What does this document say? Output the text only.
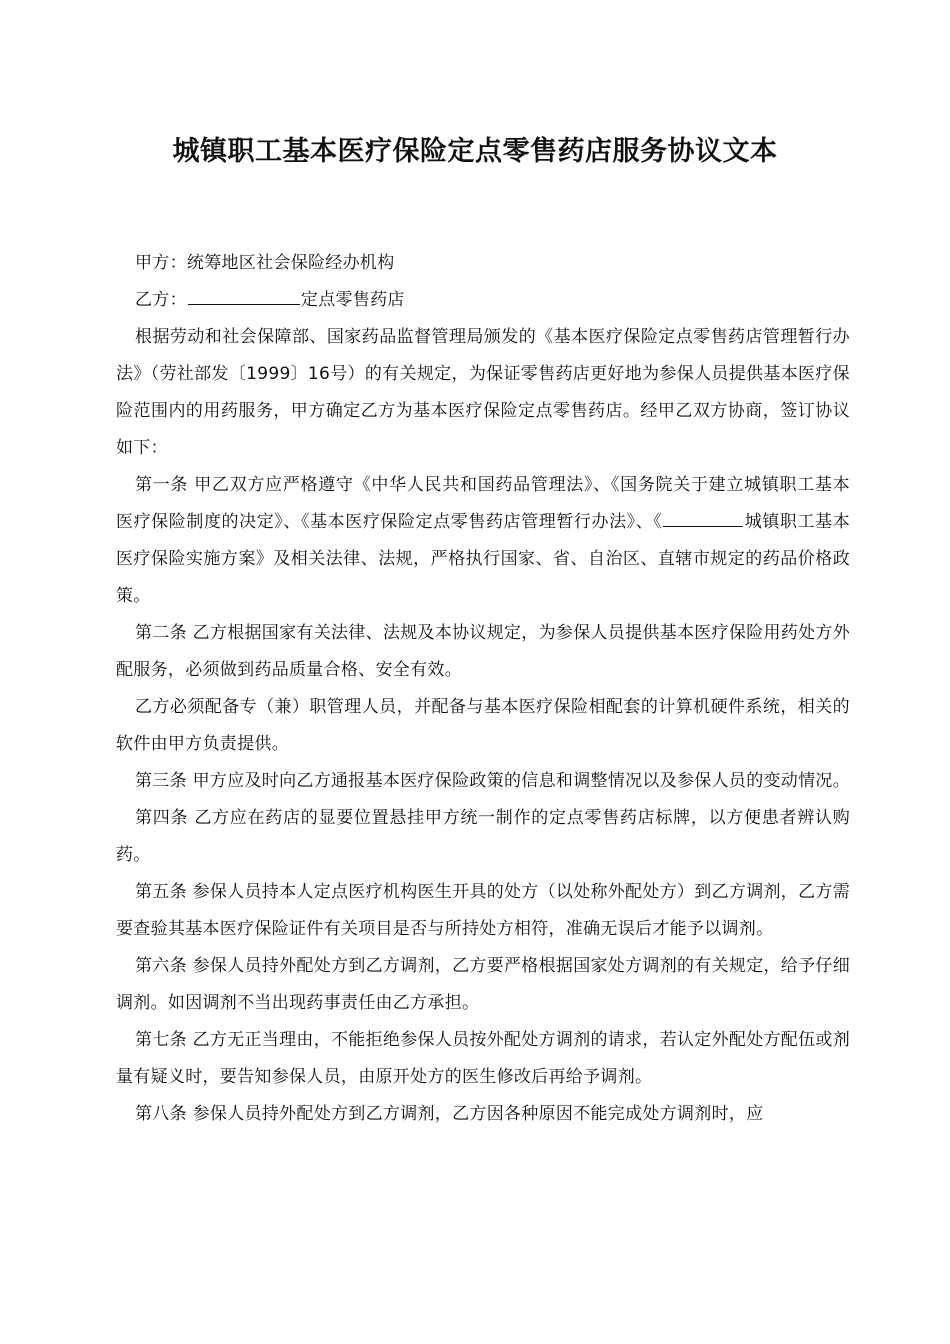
城镇职工基本医疗保险定点零售药店服务协议文本

甲方：统筹地区社会保险经办机构

乙方：	定点零售药店

根据劳动和社会保障部、国家药品监督管理局颁发的《基本医疗保险定点零售药店管理暂行办法》（劳社部发〔1999〕16号）的有关规定，为保证零售药店更好地为参保人员提供基本医疗保险范围内的用药服务，甲方确定乙方为基本医疗保险定点零售药店。经甲乙双方协商，签订协议如下：

第一条 甲乙双方应严格遵守《中华人民共和国药品管理法》、《国务院关于建立城镇职工基本医疗保险制度的决定》、《基本医疗保险定点零售药店管理暂行办法》、《	城镇职工基本医疗保险实施方案》及相关法律、法规，严格执行国家、省、自治区、直辖市规定的药品价格政策。

第二条 乙方根据国家有关法律、法规及本协议规定，为参保人员提供基本医疗保险用药处方外配服务，必须做到药品质量合格、安全有效。

乙方必须配备专（兼）职管理人员，并配备与基本医疗保险相配套的计算机硬件系统，相关的软件由甲方负责提供。

第三条 甲方应及时向乙方通报基本医疗保险政策的信息和调整情况以及参保人员的变动情况。

第四条 乙方应在药店的显要位置悬挂甲方统一制作的定点零售药店标牌，以方便患者辨认购药。

第五条 参保人员持本人定点医疗机构医生开具的处方（以处称外配处方）到乙方调剂，乙方需要查验其基本医疗保险证件有关项目是否与所持处方相符，准确无误后才能予以调剂。

第六条 参保人员持外配处方到乙方调剂，乙方要严格根据国家处方调剂的有关规定，给予仔细调剂。如因调剂不当出现药事责任由乙方承担。

第七条 乙方无正当理由，不能拒绝参保人员按外配处方调剂的请求，若认定外配处方配伍或剂量有疑义时，要告知参保人员，由原开处方的医生修改后再给予调剂。

第八条 参保人员持外配处方到乙方调剂，乙方因各种原因不能完成处方调剂时，应
